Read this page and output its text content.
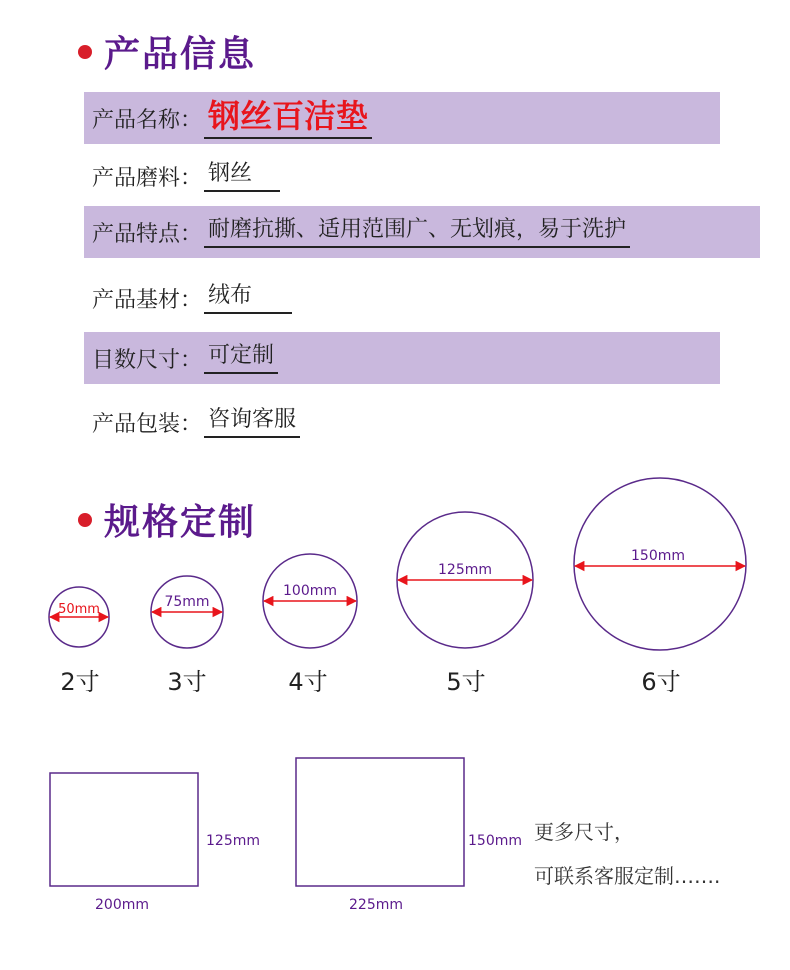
产品信息
产品名称： 钢丝百洁垫
产品磨料： 钢丝
产品特点： 耐磨抗撕、适用范围广、无划痕，易于洗护
产品基材： 绒布
目数尺寸： 可定制
产品包装： 咨询客服
规格定制
50mm
2寸
75mm
3寸
100mm
4寸
125mm
5寸
150mm
6寸
125mm
200mm
150mm
225mm
更多尺寸，
可联系客服定制…….
